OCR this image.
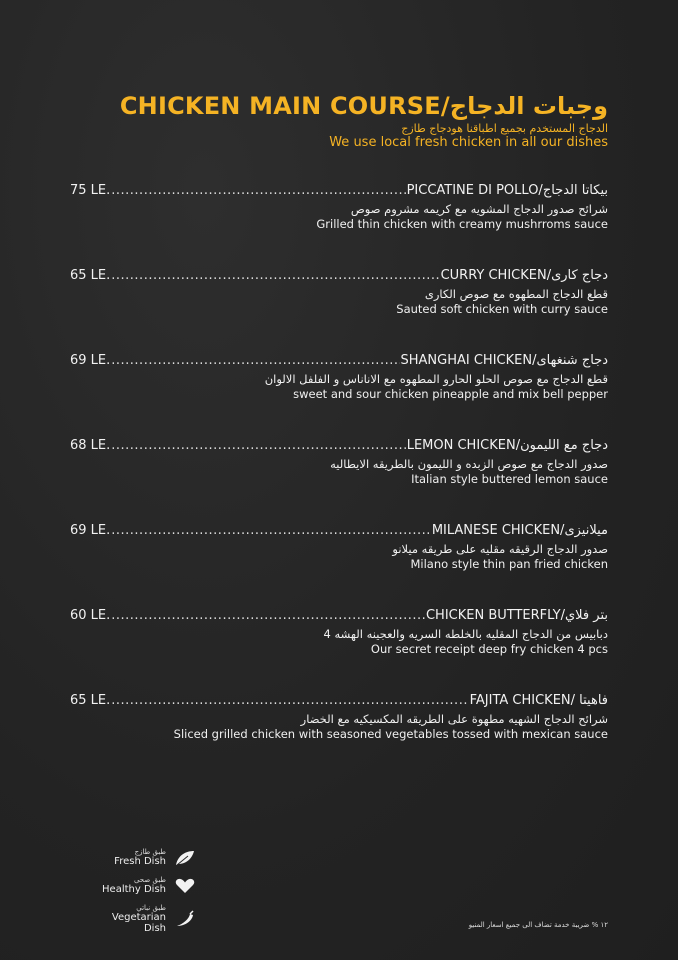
CHICKEN MAIN COURSE/وجبات الدجاج
الدجاج المستخدم بجميع اطباقنا هودجاج طازج
We use local fresh chicken in all our dishes
75 LE. .....	PICCATINE DI POLLO/بيكاتا الدجاج
شرائح صدور الدجاج المشويه مع كريمه مشروم صوص
Grilled thin chicken with creamy mushrroms sauce
65 LE. .....	CURRY CHICKEN/دجاج كارى
قطع الدجاج المطهوه مع صوص الكارى
Sauted soft chicken with curry sauce
69 LE. .....	SHANGHAI CHICKEN/دجاج شنغهاى
قطع الدجاج مع صوص الحلو الحارو المطهوه مع الاناناس و الفلفل الالوان
sweet and sour chicken pineapple and mix bell pepper
68 LE. .....	LEMON CHICKEN/دجاج مع الليمون
صدور الدجاج مع صوص الزبده و الليمون بالطريقه الايطاليه
Italian style buttered lemon sauce
69 LE. .....	MILANESE CHICKEN/ميلانيزى
صدور الدجاج الرقيقه مقليه على طريقه ميلانو
Milano style thin pan fried chicken
60 LE. .....	CHICKEN BUTTERFLY/بتر فلاي
دبابيس من الدجاج المقليه بالخلطه السريه والعجينه الهشه 4
Our secret receipt deep fry chicken 4 pcs
65 LE. .....	FAJITA CHICKEN/ فاهيتا
شرائح الدجاج الشهيه مطهوة على الطريقه المكسيكيه مع الخضار
Sliced grilled chicken with seasoned vegetables tossed with mexican sauce
طبق طازج
Fresh Dish
طبق صحى
Healthy Dish
طبق نباتي
Vegetarian Dish	١٢ % ضريبة خدمة تضاف الى جميع اسعار المنيو
